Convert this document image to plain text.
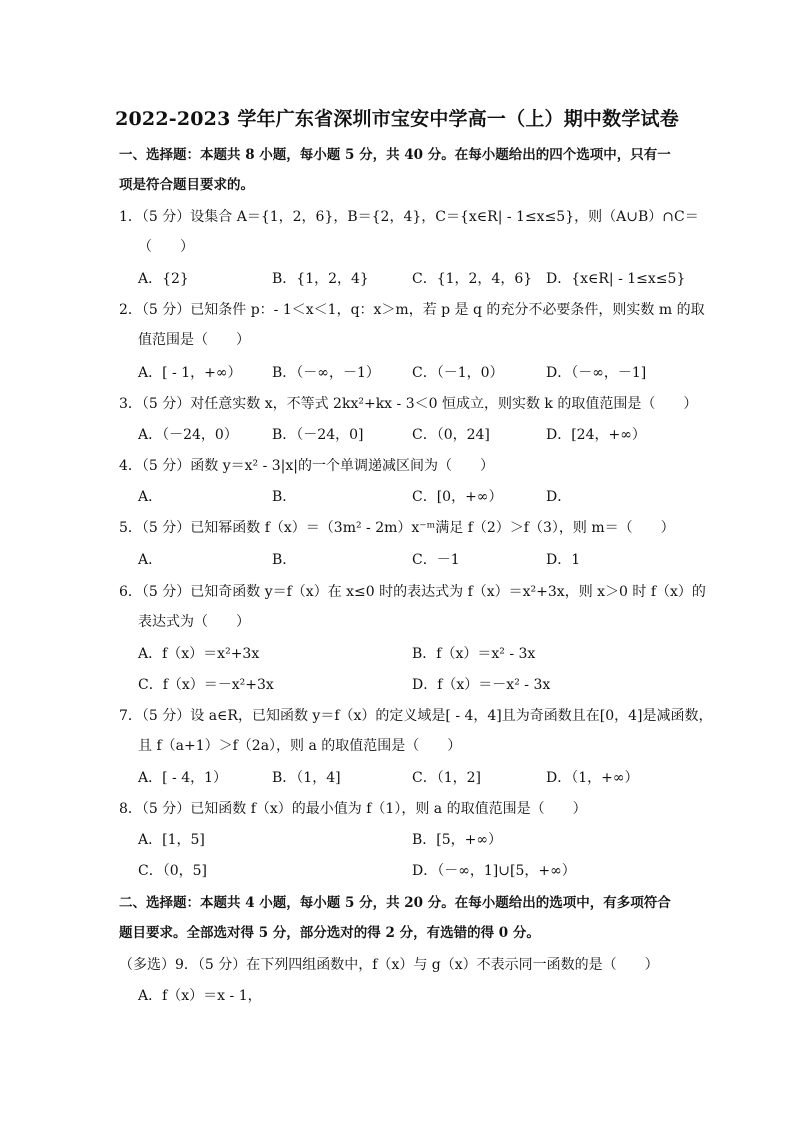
2022-2023 学年广东省深圳市宝安中学高一（上）期中数学试卷
一、选择题：本题共 8 小题，每小题 5 分，共 40 分。在每小题给出的四个选项中，只有一
项是符合题目要求的。
1．（5 分）设集合 A＝{1，2，6}，B＝{2，4}，C＝{x∈R| - 1≤x≤5}，则（A∪B）∩C＝
（　　）
A．{2}	B．{1，2，4}	C．{1，2，4，6} D．{x∈R| - 1≤x≤5}
2．（5 分）已知条件 p：- 1＜x＜1，q：x＞m，若 p 是 q 的充分不必要条件，则实数 m 的取
值范围是（　　）
A．[ - 1，+∞） B．（－∞，－1） C．（－1，0）	D．（－∞，－1]
3．（5 分）对任意实数 x，不等式 2kx²+kx - 3＜0 恒成立，则实数 k 的取值范围是（　　）
A．（－24，0） B．（－24，0]	C．（0，24]	D．[24，+∞）
4．（5 分）函数 y＝x² - 3|x|的一个单调递减区间为（　　）
A．	B．	C．[0，+∞）	D．
5．（5 分）已知幂函数 f（x）＝（3m² - 2m）x⁻ᵐ满足 f（2）＞f（3），则 m＝（　　）
A．	B．	C．－1	D．1
6．（5 分）已知奇函数 y＝f（x）在 x≤0 时的表达式为 f（x）＝x²+3x，则 x＞0 时 f（x）的
表达式为（　　）
A．f（x）＝x²+3x	B．f（x）＝x² - 3x
C．f（x）＝－x²+3x	D．f（x）＝－x² - 3x
7．（5 分）设 a∈R，已知函数 y＝f（x）的定义域是[ - 4，4]且为奇函数且在[0，4]是减函数，
且 f（a+1）＞f（2a），则 a 的取值范围是（　　）
A．[ - 4，1）	B．（1，4]	C．（1，2]	D．（1，+∞）
8．（5 分）已知函数 f（x）的最小值为 f（1），则 a 的取值范围是（　　）
A．[1，5]	B．[5，+∞）
C．（0，5]	D．（－∞，1]∪[5，+∞）
二、选择题：本题共 4 小题，每小题 5 分，共 20 分。在每小题给出的选项中，有多项符合
题目要求。全部选对得 5 分，部分选对的得 2 分，有选错的得 0 分。
（多选）9．（5 分）在下列四组函数中，f（x）与 g（x）不表示同一函数的是（　　）
A．f（x）＝x - 1，
